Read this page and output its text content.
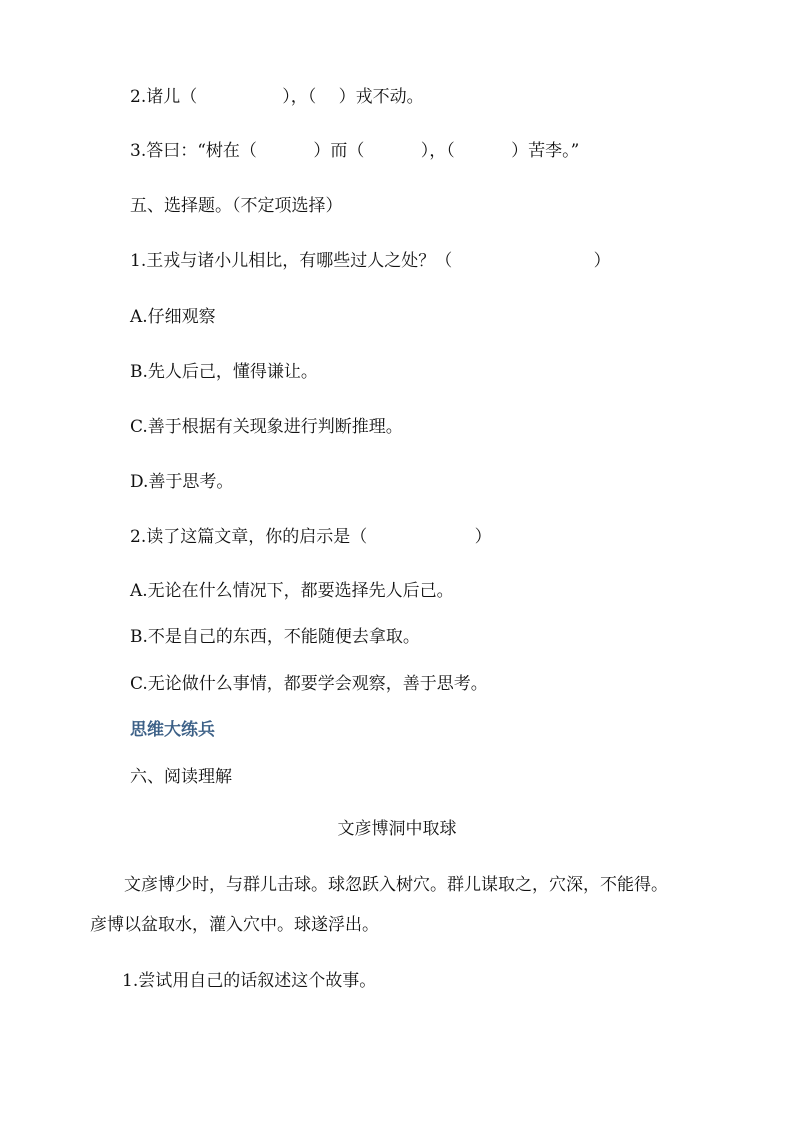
2.诸儿（　　　　　），（　 ）戎不动。
3.答曰：“树在（　　　 ）而（　　　 ），（　　　 ）苦李。”
五、选择题。（不定项选择）
1.王戎与诸小儿相比，有哪些过人之处？（　　　　　　　　 ）
A.仔细观察
B.先人后己，懂得谦让。
C.善于根据有关现象进行判断推理。
D.善于思考。
2.读了这篇文章，你的启示是（　　　　　　 ）
A.无论在什么情况下，都要选择先人后己。
B.不是自己的东西，不能随便去拿取。
C.无论做什么事情，都要学会观察，善于思考。
思维大练兵
六、阅读理解
文彦博洞中取球
　　文彦博少时，与群儿击球。球忽跃入树穴。群儿谋取之，穴深，不能得。
彦博以盆取水，灌入穴中。球遂浮出。
1.尝试用自己的话叙述这个故事。
